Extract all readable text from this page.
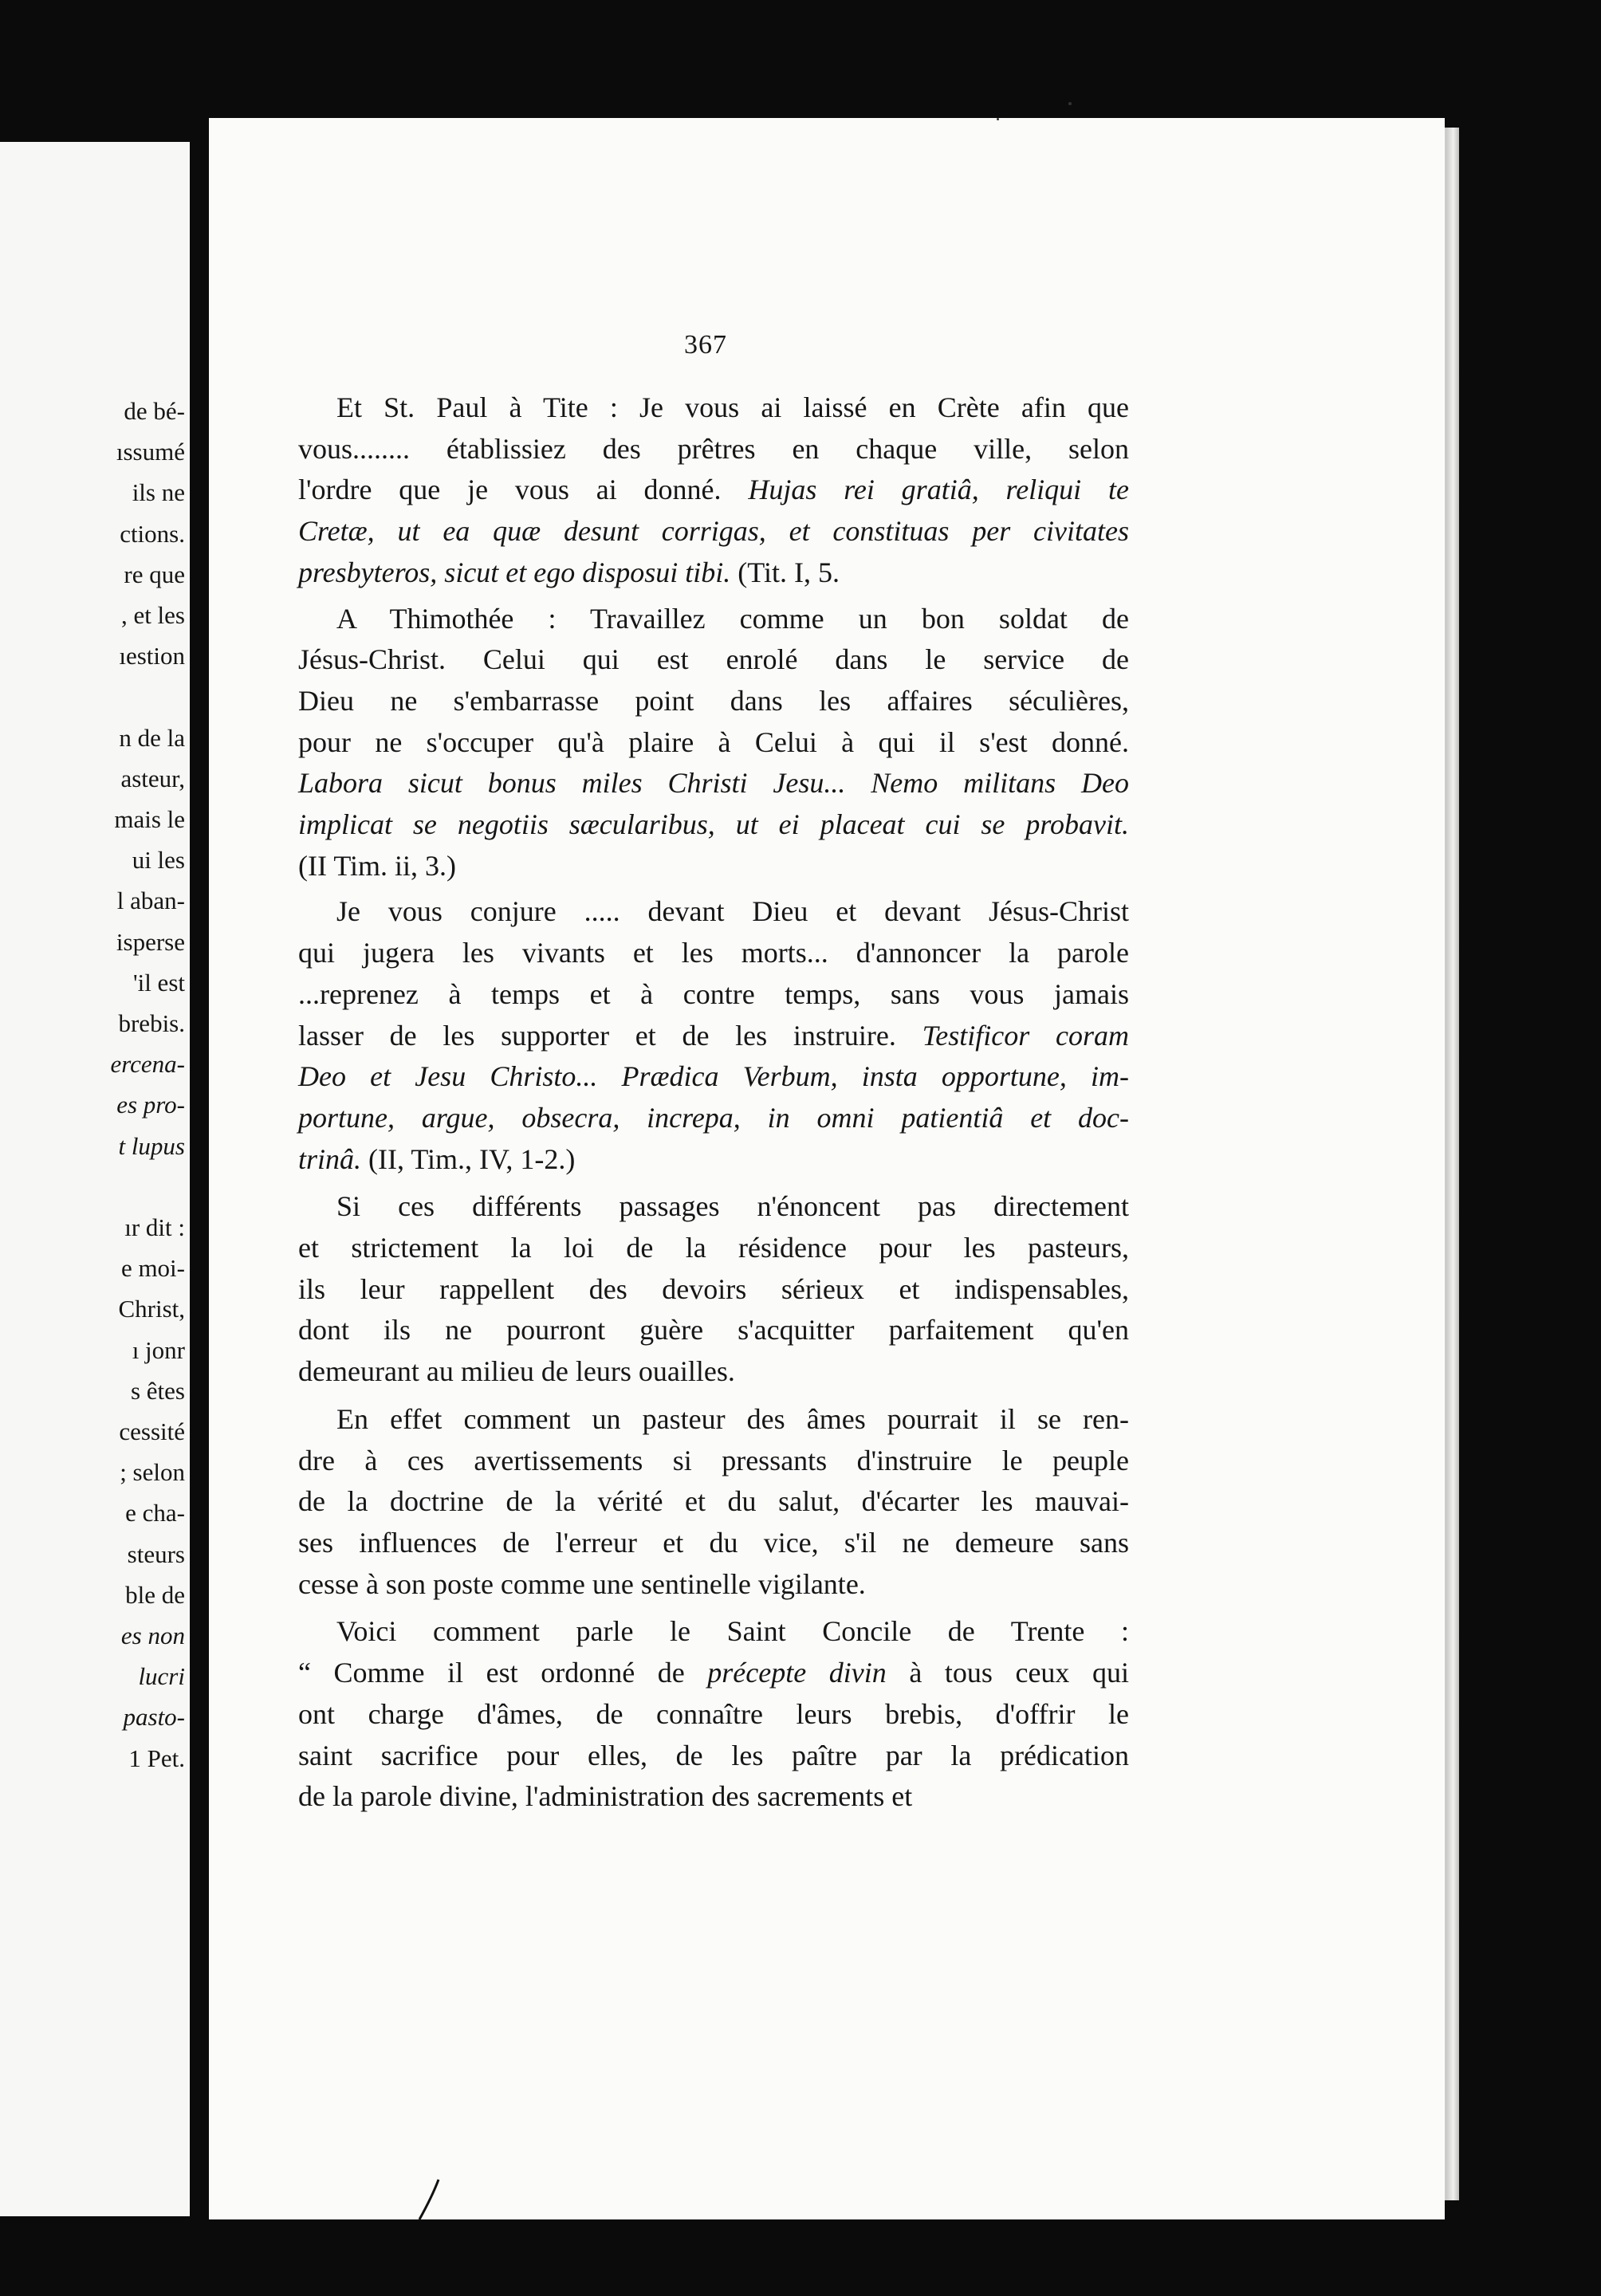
de bé-
ıssumé
ils ne
ctions.
re que
, et les
ıestion
n de la
asteur,
mais le
ui les
l aban-
isperse
'il est
brebis.
ercena-
es pro-
t lupus
ır dit :
e moi-
Christ,
ı jonr
s êtes
cessité
; selon
e cha-
steurs
ble de
es non
lucri
pasto-
1 Pet.
367
Et St. Paul à Tite : Je vous ai laissé en Crète afin que
vous........ établissiez des prêtres en chaque ville, selon
l'ordre que je vous ai donné. Hujas rei gratiâ, reliqui te
Cretæ, ut ea quæ desunt corrigas, et constituas per civitates
presbyteros, sicut et ego disposui tibi. (Tit. I, 5.
A Thimothée : Travaillez comme un bon soldat de
Jésus-Christ. Celui qui est enrolé dans le service de
Dieu ne s'embarrasse point dans les affaires séculières,
pour ne s'occuper qu'à plaire à Celui à qui il s'est donné.
Labora sicut bonus miles Christi Jesu... Nemo militans Deo
implicat se negotiis sæcularibus, ut ei placeat cui se probavit.
(II Tim. ii, 3.)
Je vous conjure ..... devant Dieu et devant Jésus-Christ
qui jugera les vivants et les morts... d'annoncer la parole
...reprenez à temps et à contre temps, sans vous jamais
lasser de les supporter et de les instruire. Testificor coram
Deo et Jesu Christo... Prædica Verbum, insta opportune, im-
portune, argue, obsecra, increpa, in omni patientiâ et doc-
trinâ. (II, Tim., IV, 1-2.)
Si ces différents passages n'énoncent pas directement
et strictement la loi de la résidence pour les pasteurs,
ils leur rappellent des devoirs sérieux et indispensables,
dont ils ne pourront guère s'acquitter parfaitement qu'en
demeurant au milieu de leurs ouailles.
En effet comment un pasteur des âmes pourrait il se ren-
dre à ces avertissements si pressants d'instruire le peuple
de la doctrine de la vérité et du salut, d'écarter les mauvai-
ses influences de l'erreur et du vice, s'il ne demeure sans
cesse à son poste comme une sentinelle vigilante.
Voici comment parle le Saint Concile de Trente :
“ Comme il est ordonné de précepte divin à tous ceux qui
ont charge d'âmes, de connaître leurs brebis, d'offrir le
saint sacrifice pour elles, de les paître par la prédication
de la parole divine, l'administration des sacrements et
